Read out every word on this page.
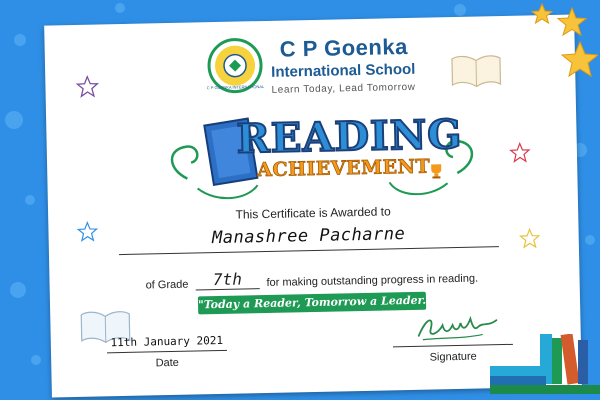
C P GOENKA INTERNATIONAL
C P Goenka
International School
Learn Today, Lead Tomorrow
READING
ACHIEVEMENT
This Certificate is Awarded to
Manashree Pacharne
of Grade 7th for making outstanding progress in reading.
"Today a Reader, Tomorrow a Leader."
11th January 2021
Date	Signature
